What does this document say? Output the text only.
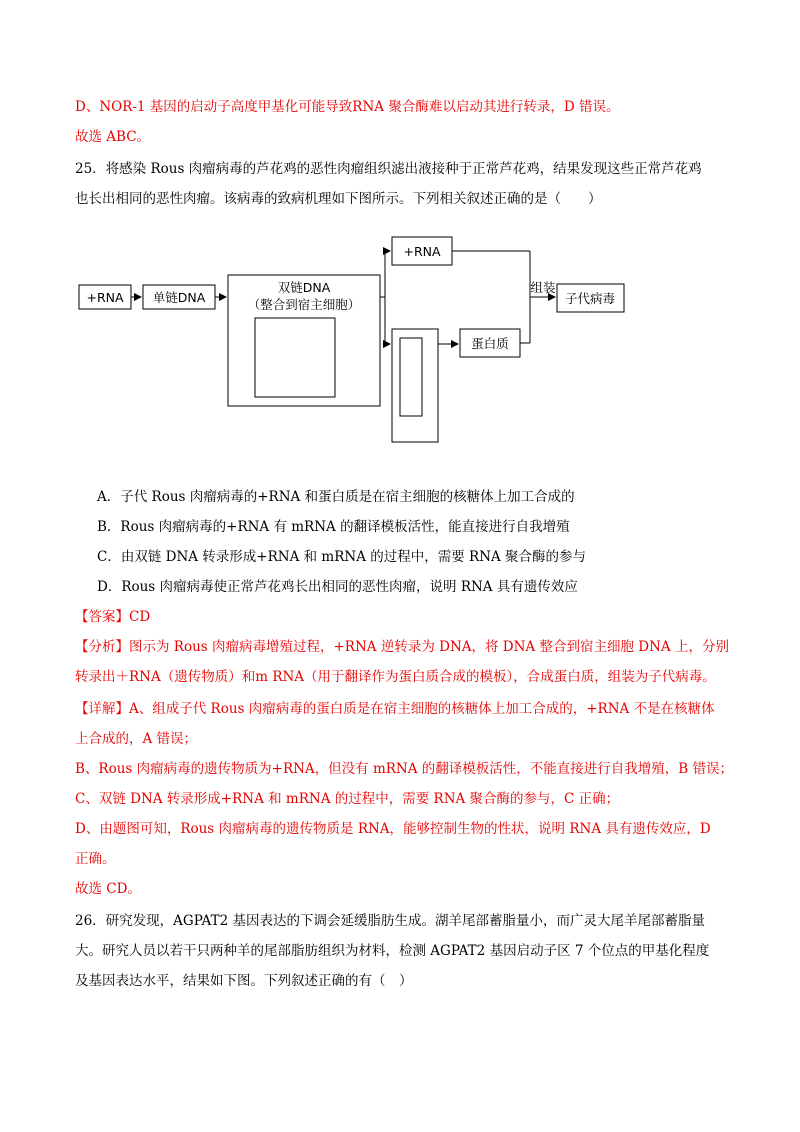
D、NOR-1 基因的启动子高度甲基化可能导致RNA 聚合酶难以启动其进行转录，D 错误。
故选 ABC。
25．将感染 Rous 肉瘤病毒的芦花鸡的恶性肉瘤组织滤出液接种于正常芦花鸡，结果发现这些正常芦花鸡
也长出相同的恶性肉瘤。该病毒的致病机理如下图所示。下列相关叙述正确的是（　　）
+RNA 单链DNA
双链DNA
（整合到宿主细胞）
+RNA
蛋白质
组装
子代病毒
A．子代 Rous 肉瘤病毒的+RNA 和蛋白质是在宿主细胞的核糖体上加工合成的
B．Rous 肉瘤病毒的+RNA 有 mRNA 的翻译模板活性，能直接进行自我增殖
C．由双链 DNA 转录形成+RNA 和 mRNA 的过程中，需要 RNA 聚合酶的参与
D．Rous 肉瘤病毒使正常芦花鸡长出相同的恶性肉瘤，说明 RNA 具有遗传效应
【答案】CD
【分析】图示为 Rous 肉瘤病毒增殖过程，+RNA 逆转录为 DNA，将 DNA 整合到宿主细胞 DNA 上，分别
转录出＋RNA（遗传物质）和m RNA（用于翻译作为蛋白质合成的模板），合成蛋白质，组装为子代病毒。
【详解】A、组成子代 Rous 肉瘤病毒的蛋白质是在宿主细胞的核糖体上加工合成的，+RNA 不是在核糖体
上合成的，A 错误；
B、Rous 肉瘤病毒的遗传物质为+RNA，但没有 mRNA 的翻译模板活性，不能直接进行自我增殖，B 错误；
C、双链 DNA 转录形成+RNA 和 mRNA 的过程中，需要 RNA 聚合酶的参与，C 正确；
D、由题图可知，Rous 肉瘤病毒的遗传物质是 RNA，能够控制生物的性状，说明 RNA 具有遗传效应，D
正确。
故选 CD。
26．研究发现，AGPAT2 基因表达的下调会延缓脂肪生成。湖羊尾部蓄脂量小，而广灵大尾羊尾部蓄脂量
大。研究人员以若干只两种羊的尾部脂肪组织为材料，检测 AGPAT2 基因启动子区 7 个位点的甲基化程度
及基因表达水平，结果如下图。下列叙述正确的有（　）
